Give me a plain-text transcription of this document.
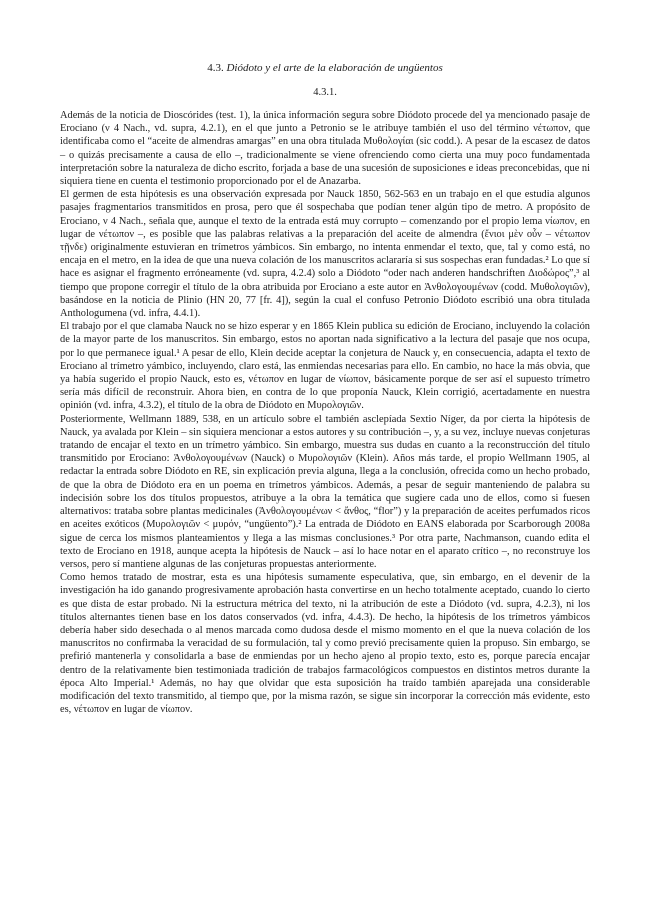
4.3. Diódoto y el arte de la elaboración de ungüentos

4.3.1.

Además de la noticia de Dioscórides (test. 1), la única información segura sobre Diódoto procede del ya mencionado pasaje de Erociano (ν 4 Nach., vd. supra, 4.2.1), en el que junto a Petronio se le atribuye también el uso del término νέτωπον, que identificaba como el “aceite de almendras amargas” en una obra titulada Μυθολογίαι (sic codd.). A pesar de la escasez de datos – o quizás precisamente a causa de ello –, tradicionalmente se viene ofrenciendo como cierta una muy poco fundamentada interpretación sobre la naturaleza de dicho escrito, forjada a base de una sucesión de suposiciones e ideas preconcebidas, que ni siquiera tiene en cuenta el testimonio proporcionado por el de Anazarba.

El germen de esta hipótesis es una observación expresada por Nauck 1850, 562-563 en un trabajo en el que estudia algunos pasajes fragmentarios transmitidos en prosa, pero que él sospechaba que podían tener algún tipo de metro. A propósito de Erociano, ν 4 Nach., señala que, aunque el texto de la entrada está muy corrupto – comenzando por el propio lema νίωπον, en lugar de νέτωπον –, es posible que las palabras relativas a la preparación del aceite de almendra (ἔνιοι μὲν οὖν – νέτωπον τῇνδε) originalmente estuvieran en trímetros yámbicos. Sin embargo, no intenta enmendar el texto, que, tal y como está, no encaja en el metro, en la idea de que una nueva colación de los manuscritos aclararía si sus sospechas eran fundadas.² Lo que sí hace es asignar el fragmento erróneamente (vd. supra, 4.2.4) solo a Diódoto “oder nach anderen handschriften Διοδώρος”,³ al tiempo que propone corregir el título de la obra atribuida por Erociano a este autor en Ἀνθολογουμένων (codd. Μυθολογιῶν), basándose en la noticia de Plinio (HN 20, 77 [fr. 4]), según la cual el confuso Petronio Diódoto escribió una obra titulada Anthologumena (vd. infra, 4.4.1).

El trabajo por el que clamaba Nauck no se hizo esperar y en 1865 Klein publica su edición de Erociano, incluyendo la colación de la mayor parte de los manuscritos. Sin embargo, estos no aportan nada significativo a la lectura del pasaje que nos ocupa, por lo que permanece igual.¹ A pesar de ello, Klein decide aceptar la conjetura de Nauck y, en consecuencia, adapta el texto de Erociano al trímetro yámbico, incluyendo, claro está, las enmiendas necesarias para ello. En cambio, no hace la más obvia, que ya había sugerido el propio Nauck, esto es, νέτωπον en lugar de νίωπον, básicamente porque de ser así el supuesto trímetro sería más difícil de reconstruir. Ahora bien, en contra de lo que proponía Nauck, Klein corrigió, acertadamente en nuestra opinión (vd. infra, 4.3.2), el título de la obra de Diódoto en Μυρολογιῶν.

Posteriormente, Wellmann 1889, 538, en un artículo sobre el también asclepíada Sextio Níger, da por cierta la hipótesis de Nauck, ya avalada por Klein – sin siquiera mencionar a estos autores y su contribución –, y, a su vez, incluye nuevas conjeturas tratando de encajar el texto en un trímetro yámbico. Sin embargo, muestra sus dudas en cuanto a la reconstrucción del título transmitido por Erociano: Ἀνθολογουμένων (Nauck) o Μυρολογιῶν (Klein). Años más tarde, el propio Wellmann 1905, al redactar la entrada sobre Diódoto en RE, sin explicación previa alguna, llega a la conclusión, ofrecida como un hecho probado, de que la obra de Diódoto era en un poema en trímetros yámbicos. Además, a pesar de seguir manteniendo de palabra su indecisión sobre los dos títulos propuestos, atribuye a la obra la temática que sugiere cada uno de ellos, como si fuesen alternativos: trataba sobre plantas medicinales (Ἀνθολογουμένων < ἄνθος, “flor”) y la preparación de aceites perfumados ricos en aceites exóticos (Μυρολογιῶν < μυρόν, “ungüento”).² La entrada de Diódoto en EANS elaborada por Scarborough 2008a sigue de cerca los mismos planteamientos y llega a las mismas conclusiones.³ Por otra parte, Nachmanson, cuando edita el texto de Erociano en 1918, aunque acepta la hipótesis de Nauck – así lo hace notar en el aparato crítico –, no reconstruye los versos, pero sí mantiene algunas de las conjeturas propuestas anteriormente.

Como hemos tratado de mostrar, esta es una hipótesis sumamente especulativa, que, sin embargo, en el devenir de la investigación ha ido ganando progresivamente aprobación hasta convertirse en un hecho totalmente aceptado, cuando lo cierto es que dista de estar probado. Ni la estructura métrica del texto, ni la atribución de este a Diódoto (vd. supra, 4.2.3), ni los títulos alternantes tienen base en los datos conservados (vd. infra, 4.4.3). De hecho, la hipótesis de los trímetros yámbicos debería haber sido desechada o al menos marcada como dudosa desde el mismo momento en el que la nueva colación de los manuscritos no confirmaba la veracidad de su formulación, tal y como previó precisamente quien la propuso. Sin embargo, se prefirió mantenerla y consolidarla a base de enmiendas por un hecho ajeno al propio texto, esto es, porque parecía encajar dentro de la relativamente bien testimoniada tradición de trabajos farmacológicos compuestos en distintos metros durante la época Alto Imperial.¹ Además, no hay que olvidar que esta suposición ha traído también aparejada una considerable modificación del texto transmitido, al tiempo que, por la misma razón, se sigue sin incorporar la corrección más evidente, esto es, νέτωπον en lugar de νίωπον.
